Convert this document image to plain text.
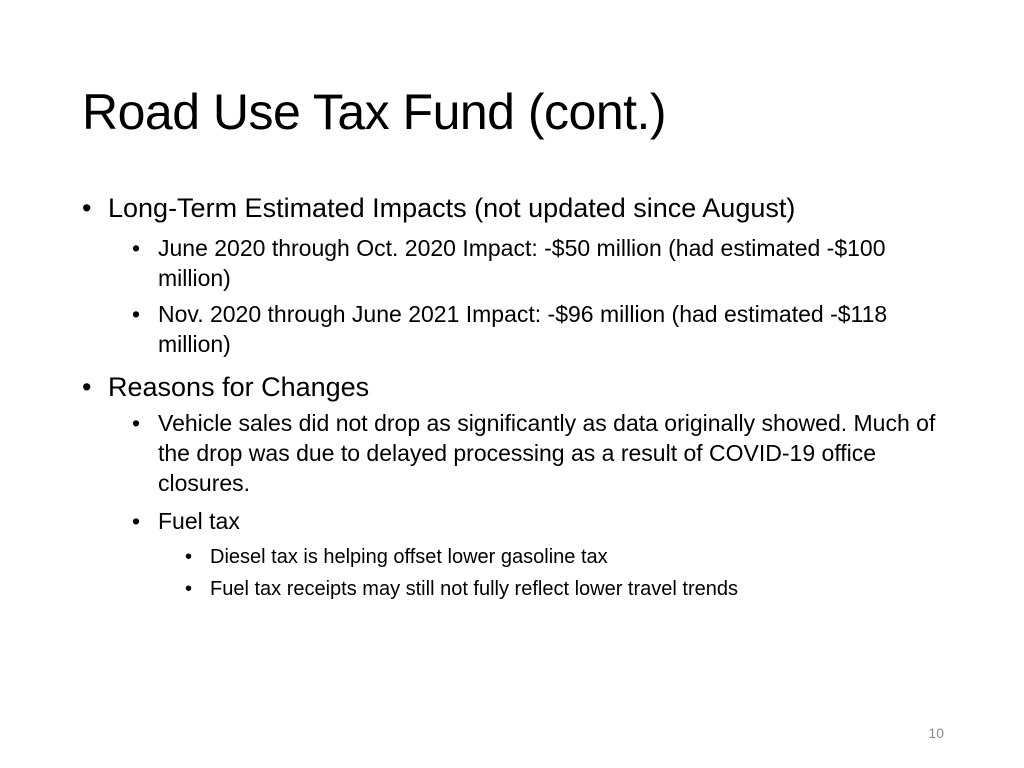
Road Use Tax Fund (cont.)
• Long-Term Estimated Impacts (not updated since August)
• June 2020 through Oct. 2020 Impact: -$50 million (had estimated -$100 million)
• Nov. 2020 through June 2021 Impact: -$96 million (had estimated -$118 million)
• Reasons for Changes
• Vehicle sales did not drop as significantly as data originally showed. Much of the drop was due to delayed processing as a result of COVID-19 office closures.
• Fuel tax
• Diesel tax is helping offset lower gasoline tax
• Fuel tax receipts may still not fully reflect lower travel trends
10
